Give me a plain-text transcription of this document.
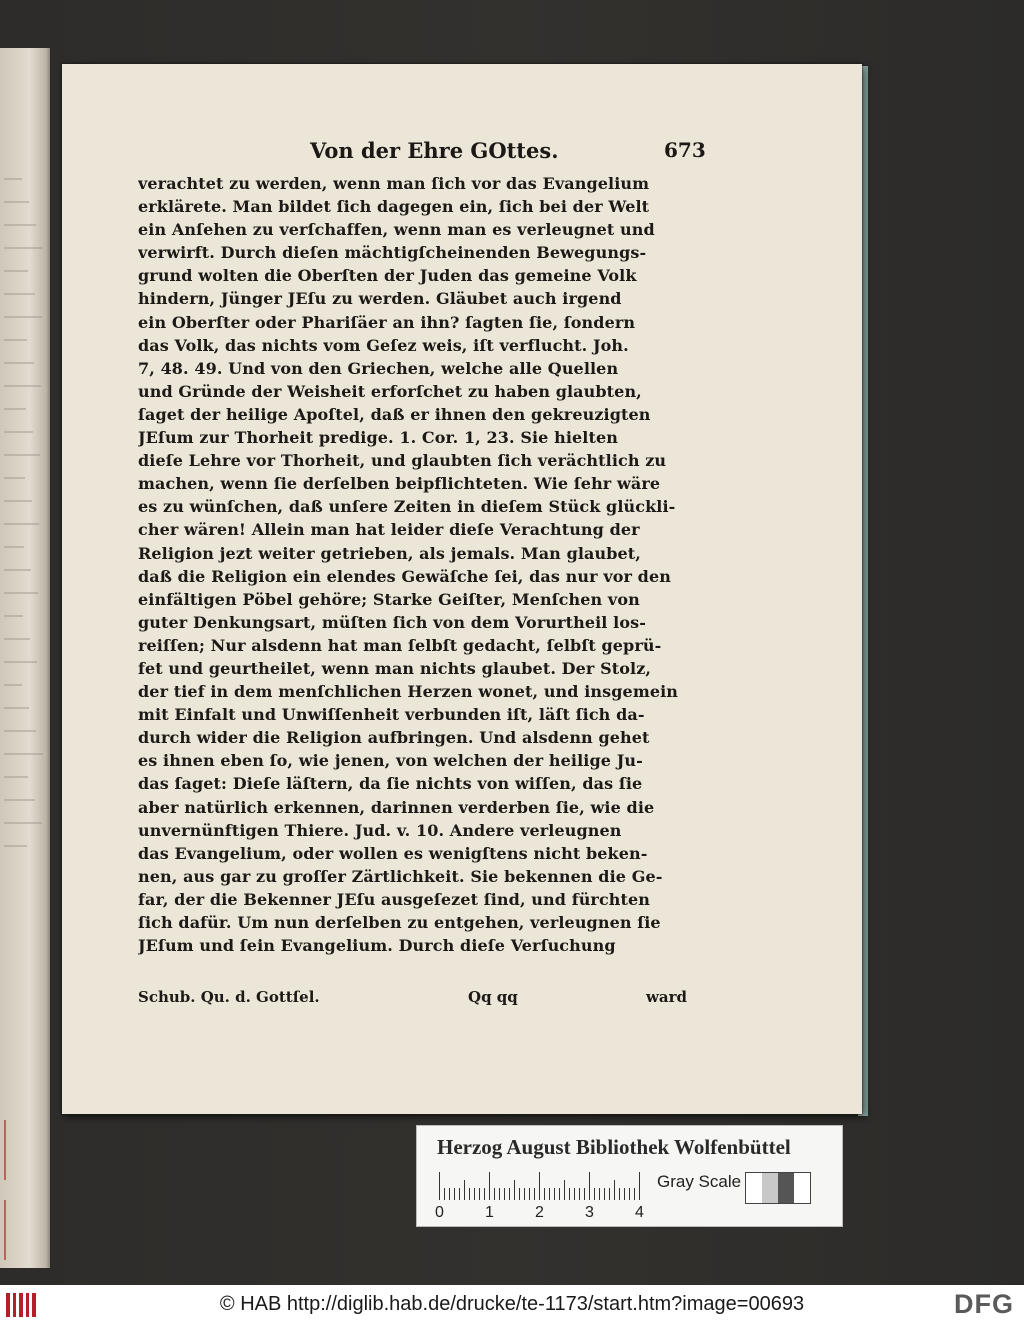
Von der Ehre GOttes.	673
verachtet zu werden, wenn man ſich vor das Evangelium
erklärete. Man bildet ſich dagegen ein, ſich bei der Welt
ein Anſehen zu verſchaffen, wenn man es verleugnet und
verwirft. Durch dieſen mächtigſcheinenden Bewegungs-
grund wolten die Oberſten der Juden das gemeine Volk
hindern, Jünger JEſu zu werden. Gläubet auch irgend
ein Oberſter oder Phariſäer an ihn? ſagten ſie, ſondern
das Volk, das nichts vom Geſez weis, iſt verflucht. Joh.
7, 48. 49. Und von den Griechen, welche alle Quellen
und Gründe der Weisheit erforſchet zu haben glaubten,
ſaget der heilige Apoſtel, daß er ihnen den gekreuzigten
JEſum zur Thorheit predige. 1. Cor. 1, 23. Sie hielten
dieſe Lehre vor Thorheit, und glaubten ſich verächtlich zu
machen, wenn ſie derſelben beipflichteten. Wie ſehr wäre
es zu wünſchen, daß unſere Zeiten in dieſem Stück glückli-
cher wären! Allein man hat leider dieſe Verachtung der
Religion jezt weiter getrieben, als jemals. Man glaubet,
daß die Religion ein elendes Gewäſche ſei, das nur vor den
einfältigen Pöbel gehöre; Starke Geiſter, Menſchen von
guter Denkungsart, müſten ſich von dem Vorurtheil los-
reiſſen; Nur alsdenn hat man ſelbſt gedacht, ſelbſt geprü-
fet und geurtheilet, wenn man nichts glaubet. Der Stolz,
der tief in dem menſchlichen Herzen wonet, und insgemein
mit Einfalt und Unwiſſenheit verbunden iſt, läſt ſich da-
durch wider die Religion aufbringen. Und alsdenn gehet
es ihnen eben ſo, wie jenen, von welchen der heilige Ju-
das ſaget: Dieſe läſtern, da ſie nichts von wiſſen, das ſie
aber natürlich erkennen, darinnen verderben ſie, wie die
unvernünftigen Thiere. Jud. v. 10. Andere verleugnen
das Evangelium, oder wollen es wenigſtens nicht beken-
nen, aus gar zu groſſer Zärtlichkeit. Sie bekennen die Ge-
far, der die Bekenner JEſu ausgeſezet ſind, und fürchten
ſich dafür. Um nun derſelben zu entgehen, verleugnen ſie
JEſum und ſein Evangelium. Durch dieſe Verſuchung
Schub. Qu. d. Gottſel.	Qq qq	ward
Herzog August Bibliothek Wolfenbüttel
0	1	2	3	4
Gray Scale
© HAB http://diglib.hab.de/drucke/te-1173/start.htm?image=00693	DFG
